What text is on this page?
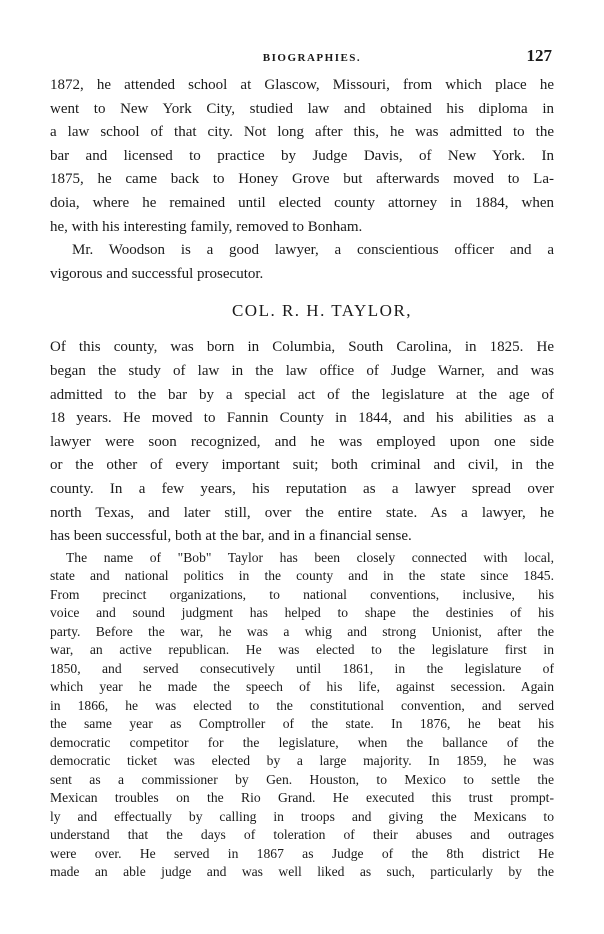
BIOGRAPHIES.	127
1872, he attended school at Glascow, Missouri, from which place he
went to New York City, studied law and obtained his diploma in
a law school of that city. Not long after this, he was admitted to the
bar and licensed to practice by Judge Davis, of New York. In
1875, he came back to Honey Grove but afterwards moved to La-
doia, where he remained until elected county attorney in 1884, when
he, with his interesting family, removed to Bonham.
Mr. Woodson is a good lawyer, a conscientious officer and a
vigorous and successful prosecutor.
COL. R. H. TAYLOR,
Of this county, was born in Columbia, South Carolina, in 1825. He
began the study of law in the law office of Judge Warner, and was
admitted to the bar by a special act of the legislature at the age of
18 years. He moved to Fannin County in 1844, and his abilities as a
lawyer were soon recognized, and he was employed upon one side
or the other of every important suit; both criminal and civil, in the
county. In a few years, his reputation as a lawyer spread over
north Texas, and later still, over the entire state. As a lawyer, he
has been successful, both at the bar, and in a financial sense.
The name of "Bob" Taylor has been closely connected with local,
state and national politics in the county and in the state since 1845.
From precinct organizations, to national conventions, inclusive, his
voice and sound judgment has helped to shape the destinies of his
party. Before the war, he was a whig and strong Unionist, after the
war, an active republican. He was elected to the legislature first in
1850, and served consecutively until 1861, in the legislature of
which year he made the speech of his life, against secession. Again
in 1866, he was elected to the constitutional convention, and served
the same year as Comptroller of the state. In 1876, he beat his
democratic competitor for the legislature, when the ballance of the
democratic ticket was elected by a large majority. In 1859, he was
sent as a commissioner by Gen. Houston, to Mexico to settle the
Mexican troubles on the Rio Grand. He executed this trust prompt-
ly and effectually by calling in troops and giving the Mexicans to
understand that the days of toleration of their abuses and outrages
were over. He served in 1867 as Judge of the 8th district He
made an able judge and was well liked as such, particularly by the
